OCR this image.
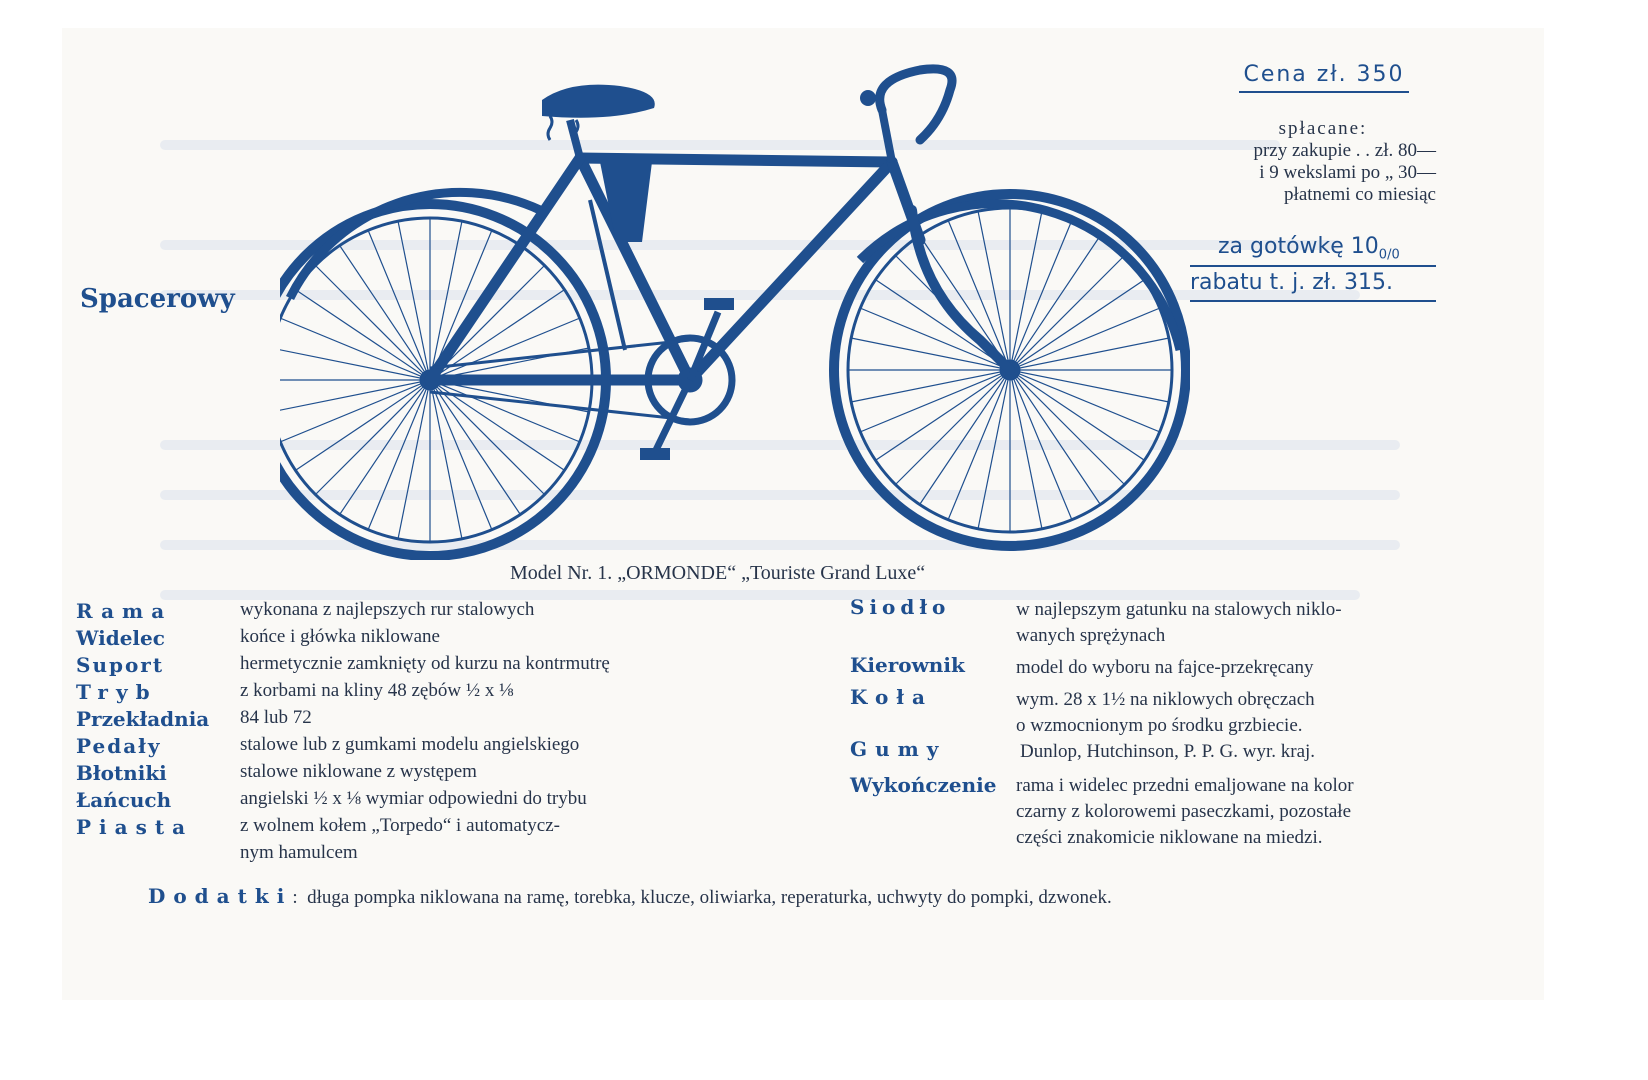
Spacerowy
Cena zł. 350
spłacane:
przy zakupie . . zł. 80—
i 9 wekslami po „ 30—
płatnemi co miesiąc
za gotówkę $10_{0/0}$
rabatu t. j. zł. 315.
Model Nr. 1. „ORMONDE“ „Touriste Grand Luxe“
Rama
Widelec
Suport
Tryb
Przekładnia
Pedały
Błotniki
Łańcuch
Piasta
wykonana z najlepszych rur stalowych
końce i główka niklowane
hermetycznie zamknięty od kurzu na kontrmutrę
z korbami na kliny 48 zębów ½ x ⅛
84 lub 72
stalowe lub z gumkami modelu angielskiego
stalowe niklowane z występem
angielski ½ x ⅛ wymiar odpowiedni do trybu
z wolnem kołem „Torpedo“ i automatycz-
nym hamulcem
Siodło
Kierownik
Koła
Gumy
Wykończenie
w najlepszym gatunku na stalowych niklo-
wanych sprężynach
model do wyboru na fajce-przekręcany
wym. 28 x 1½ na niklowych obręczach
o wzmocnionym po środku grzbiecie.
Dunlop, Hutchinson, P. P. G. wyr. kraj.
rama i widelec przedni emaljowane na kolor
czarny z kolorowemi paseczkami, pozostałe
części znakomicie niklowane na miedzi.
Dodatki:  długa pompka niklowana na ramę, torebka, klucze, oliwiarka, reperaturka, uchwyty do pompki, dzwonek.
